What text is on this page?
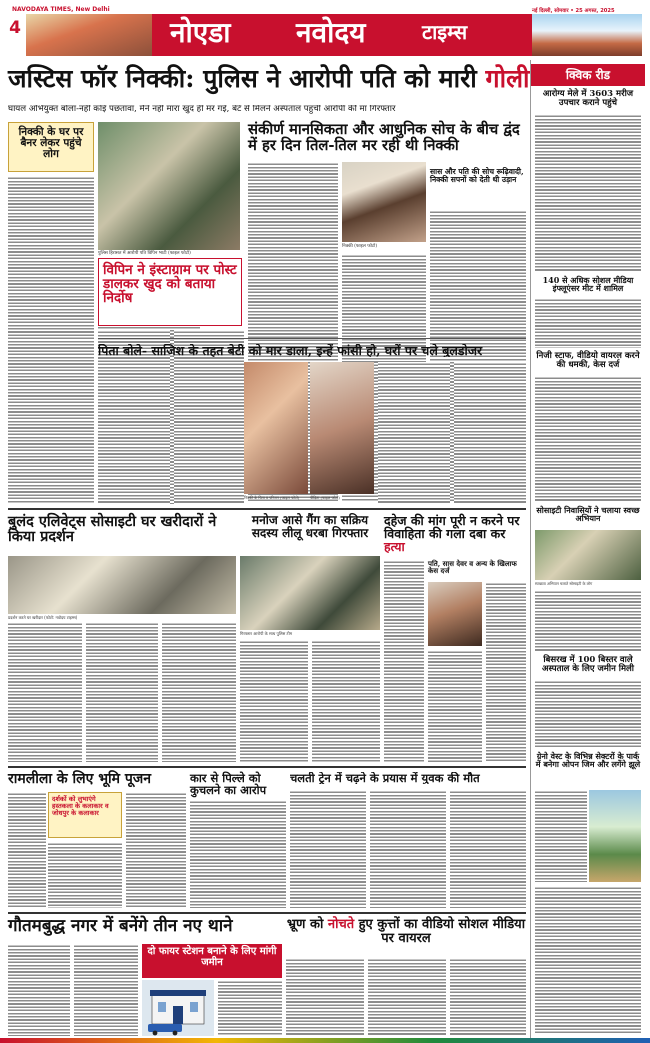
NAVODAYA TIMES, New Delhi
4	नोएडा नवोदय	टाइम्स
नई दिल्ली, सोमवार • 25 अगस्त, 2025
जस्टिस फॉर निक्की: पुलिस ने आरोपी पति को मारी गोली
घायल अभियुक्त बोला-नहीं कोई पछतावा, मैंने नहीं मारा खुद ही मर गई, बेटे से मिलने अस्पताल पहुंची आरोपी की मां गिरफ्तार
निक्की के घर पर बैनर लेकर पहुंचे लोग
पुलिस हिरासत में आरोपी पति विपिन भाटी (फाइल फोटो)
विपिन ने इंस्टाग्राम पर पोस्ट डालकर खुद को बताया निर्दोष
संकीर्ण मानसिकता और आधुनिक सोच के बीच द्वंद में हर दिन तिल-तिल मर रही थी निक्की
निक्की (फाइल फोटो)
सास और पति की सोच रूढ़िवादी, निक्की सपनों को देती थी उड़ान
पिता बोले- साजिश के तहत बेटी को मार डाला, इन्हें फांसी हो, घरों पर चले बुलडोजर
निक्की के पिता व परिजन (फाइल फोटो)	पीड़िता (फाइल फोटो)
बुलंद एलिवेट्स सोसाइटी घर खरीदारों ने किया प्रदर्शन
प्रदर्शन करते घर खरीदार (फोटो: नवोदय टाइम्स)
मनोज आसे गैंग का सक्रिय सदस्य लीलू धरबा गिरफ्तार
गिरफ्तार आरोपी के साथ पुलिस टीम
दहेज की मांग पूरी न करने पर विवाहिता की गला दबा कर हत्या
पति, सास देवर व अन्य के खिलाफ केस दर्ज
रामलीला के लिए भूमि पूजन
दर्शकों को लुभाएंगे हस्तकला के कलाकार व जोधपुर के कलाकार
कार से पिल्ले को कुचलने का आरोप
चलती ट्रेन में चढ़ने के प्रयास में युवक की मौत
गौतमबुद्ध नगर में बनेंगे तीन नए थाने
दो फायर स्टेशन बनाने के लिए मांगी जमीन
भ्रूण को नोचते हुए कुत्तों का वीडियो सोशल मीडिया पर वायरल
क्विक रीड
आरोग्य मेले में 3603 मरीज उपचार कराने पहुंचे
140 से अधिक सोशल मीडिया इंफ्लूएंसर मीट में शामिल
निजी स्टाफ, वीडियो वायरल करने की धमकी, केस दर्ज
सोसाइटी निवासियों ने चलाया स्वच्छ अभियान
स्वच्छता अभियान चलाते सोसाइटी के लोग
बिसरख में 100 बिस्तर वाले अस्पताल के लिए जमीन मिली
ग्रेनो वेस्ट के विभिन्न सेक्टरों के पार्क में बनेगा ओपन जिम और लगेंगे झूले
